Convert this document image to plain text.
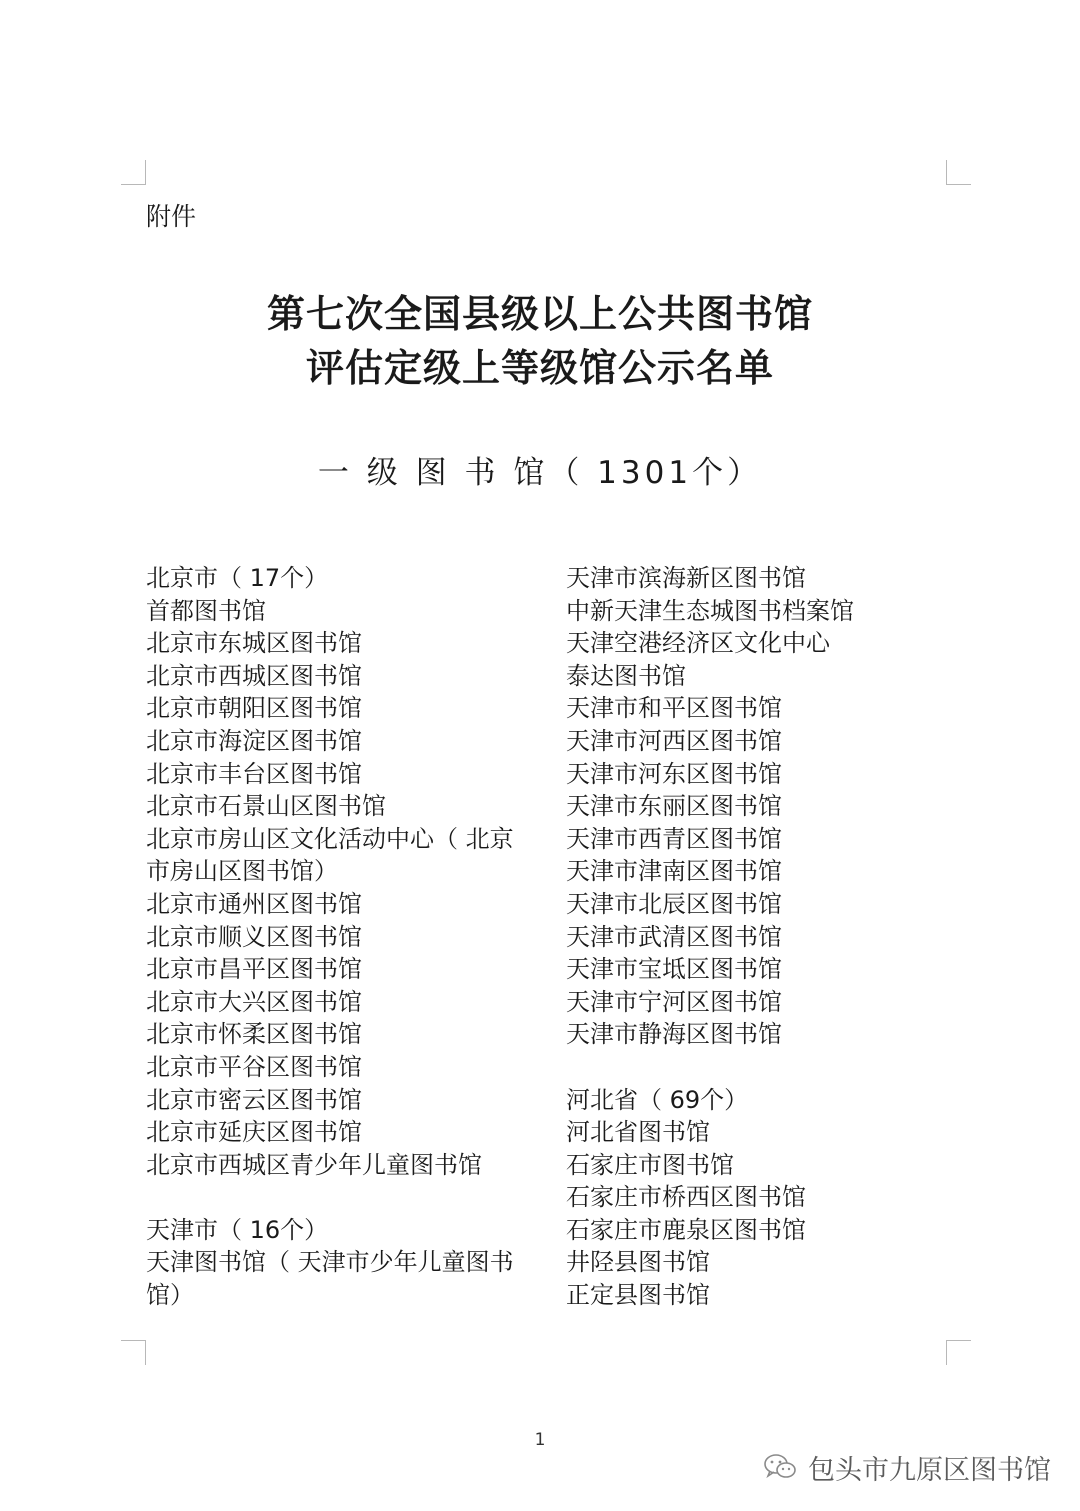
附件
第七次全国县级以上公共图书馆
评估定级上等级馆公示名单
一 级 图 书 馆（ 1301个）

北京市（ 17个）

首都图书馆

北京市东城区图书馆

北京市西城区图书馆

北京市朝阳区图书馆

北京市海淀区图书馆

北京市丰台区图书馆

北京市石景山区图书馆

北京市房山区文化活动中心（ 北京市房山区图书馆）

北京市通州区图书馆

北京市顺义区图书馆

北京市昌平区图书馆

北京市大兴区图书馆

北京市怀柔区图书馆

北京市平谷区图书馆

北京市密云区图书馆

北京市延庆区图书馆

北京市西城区青少年儿童图书馆

天津市（ 16个）

天津图书馆（ 天津市少年儿童图书馆）

天津市滨海新区图书馆

中新天津生态城图书档案馆

天津空港经济区文化中心

泰达图书馆

天津市和平区图书馆

天津市河西区图书馆

天津市河东区图书馆

天津市东丽区图书馆

天津市西青区图书馆

天津市津南区图书馆

天津市北辰区图书馆

天津市武清区图书馆

天津市宝坻区图书馆

天津市宁河区图书馆

天津市静海区图书馆

河北省（ 69个）

河北省图书馆

石家庄市图书馆

石家庄市桥西区图书馆

石家庄市鹿泉区图书馆

井陉县图书馆

正定县图书馆

1
包头市九原区图书馆
